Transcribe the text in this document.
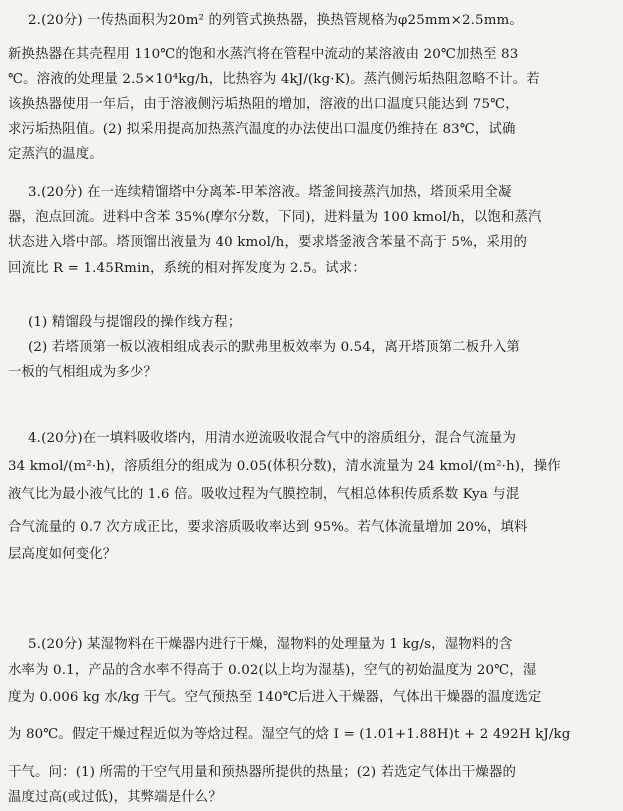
2.(20分) 一传热面积为20m² 的列管式换热器，换热管规格为φ25mm×2.5mm。
新换热器在其壳程用 110℃的饱和水蒸汽将在管程中流动的某溶液由 20℃加热至 83
℃。溶液的处理量 2.5×10⁴kg/h，比热容为 4kJ/(kg·K)。蒸汽侧污垢热阻忽略不计。若
该换热器使用一年后，由于溶液侧污垢热阻的增加，溶液的出口温度只能达到 75℃，
求污垢热阻值。(2) 拟采用提高加热蒸汽温度的办法使出口温度仍维持在 83℃，试确
定蒸汽的温度。
3.(20分) 在一连续精馏塔中分离苯-甲苯溶液。塔釜间接蒸汽加热，塔顶采用全凝
器，泡点回流。进料中含苯 35%(摩尔分数，下同)，进料量为 100 kmol/h，以饱和蒸汽
状态进入塔中部。塔顶馏出液量为 40 kmol/h，要求塔釜液含苯量不高于 5%，采用的
回流比 R = 1.45Rmin，系统的相对挥发度为 2.5。试求：
(1) 精馏段与提馏段的操作线方程；
(2) 若塔顶第一板以液相组成表示的默弗里板效率为 0.54，离开塔顶第二板升入第
一板的气相组成为多少？
4.(20分)在一填料吸收塔内，用清水逆流吸收混合气中的溶质组分，混合气流量为
34 kmol/(m²·h)，溶质组分的组成为 0.05(体积分数)，清水流量为 24 kmol/(m²·h)，操作
液气比为最小液气比的 1.6 倍。吸收过程为气膜控制，气相总体积传质系数 Kya 与混
合气流量的 0.7 次方成正比，要求溶质吸收率达到 95%。若气体流量增加 20%，填料
层高度如何变化？
5.(20分) 某湿物料在干燥器内进行干燥，湿物料的处理量为 1 kg/s，湿物料的含
水率为 0.1，产品的含水率不得高于 0.02(以上均为湿基)，空气的初始温度为 20℃，湿
度为 0.006 kg 水/kg 干气。空气预热至 140℃后进入干燥器，气体出干燥器的温度选定
为 80℃。假定干燥过程近似为等焓过程。湿空气的焓 I = (1.01+1.88H)t + 2 492H kJ/kg
干气。问：(1) 所需的干空气用量和预热器所提供的热量；(2) 若选定气体出干燥器的
温度过高(或过低)，其弊端是什么？
